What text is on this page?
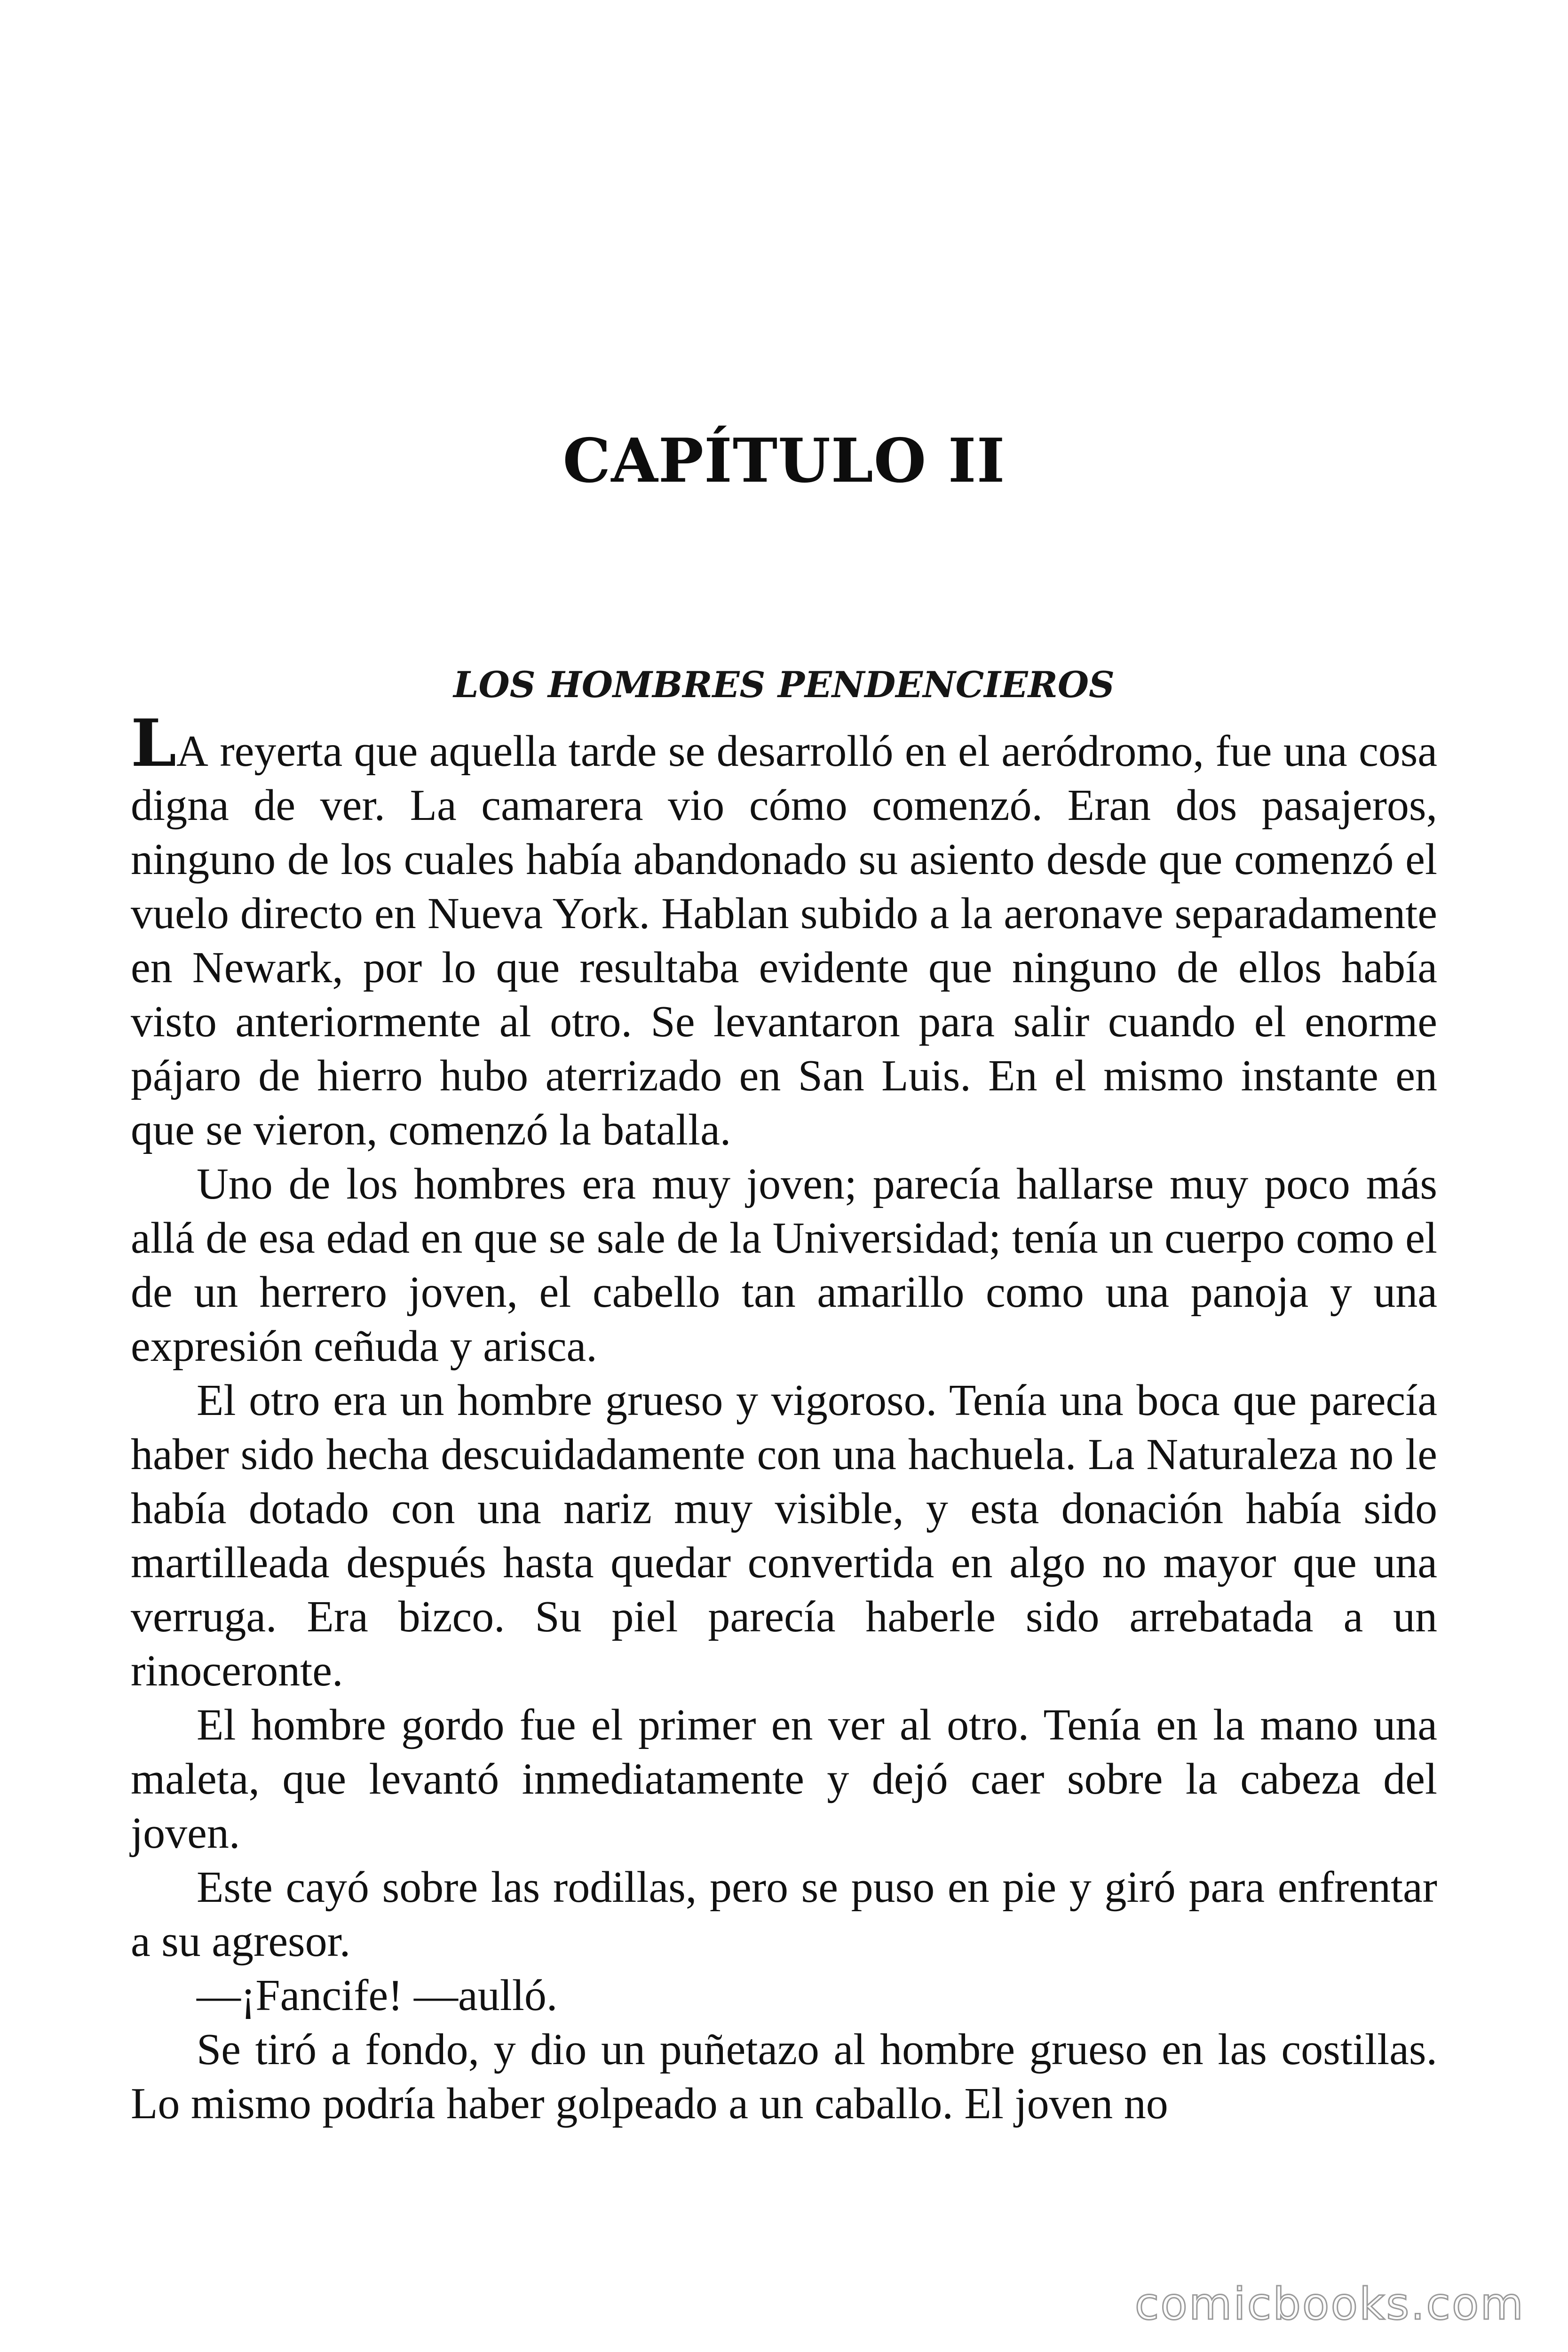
CAPÍTULO II
LOS HOMBRES PENDENCIEROS

LA reyerta que aquella tarde se desarrolló en el aeródromo, fue una cosa digna de ver. La camarera vio cómo comenzó. Eran dos pasajeros, ninguno de los cuales había abandonado su asiento desde que comenzó el vuelo directo en Nueva York. Hablan subido a la aeronave separadamente en Newark, por lo que resultaba evidente que ninguno de ellos había visto anteriormente al otro. Se levantaron para salir cuando el enorme pájaro de hierro hubo aterrizado en San Luis. En el mismo instante en que se vieron, comenzó la batalla.

Uno de los hombres era muy joven; parecía hallarse muy poco más allá de esa edad en que se sale de la Universidad; tenía un cuerpo como el de un herrero joven, el cabello tan amarillo como una panoja y una expresión ceñuda y arisca.

El otro era un hombre grueso y vigoroso. Tenía una boca que parecía haber sido hecha descuidadamente con una hachuela. La Naturaleza no le había dotado con una nariz muy visible, y esta donación había sido martilleada después hasta quedar convertida en algo no mayor que una verruga. Era bizco. Su piel parecía haberle sido arrebatada a un rinoceronte.

El hombre gordo fue el primer en ver al otro. Tenía en la mano una maleta, que levantó inmediatamente y dejó caer sobre la cabeza del joven.

Este cayó sobre las rodillas, pero se puso en pie y giró para enfrentar a su agresor.

—¡Fancife! —aulló.

Se tiró a fondo, y dio un puñetazo al hombre grueso en las costillas. Lo mismo podría haber golpeado a un caballo. El joven no

comicbooks.com
